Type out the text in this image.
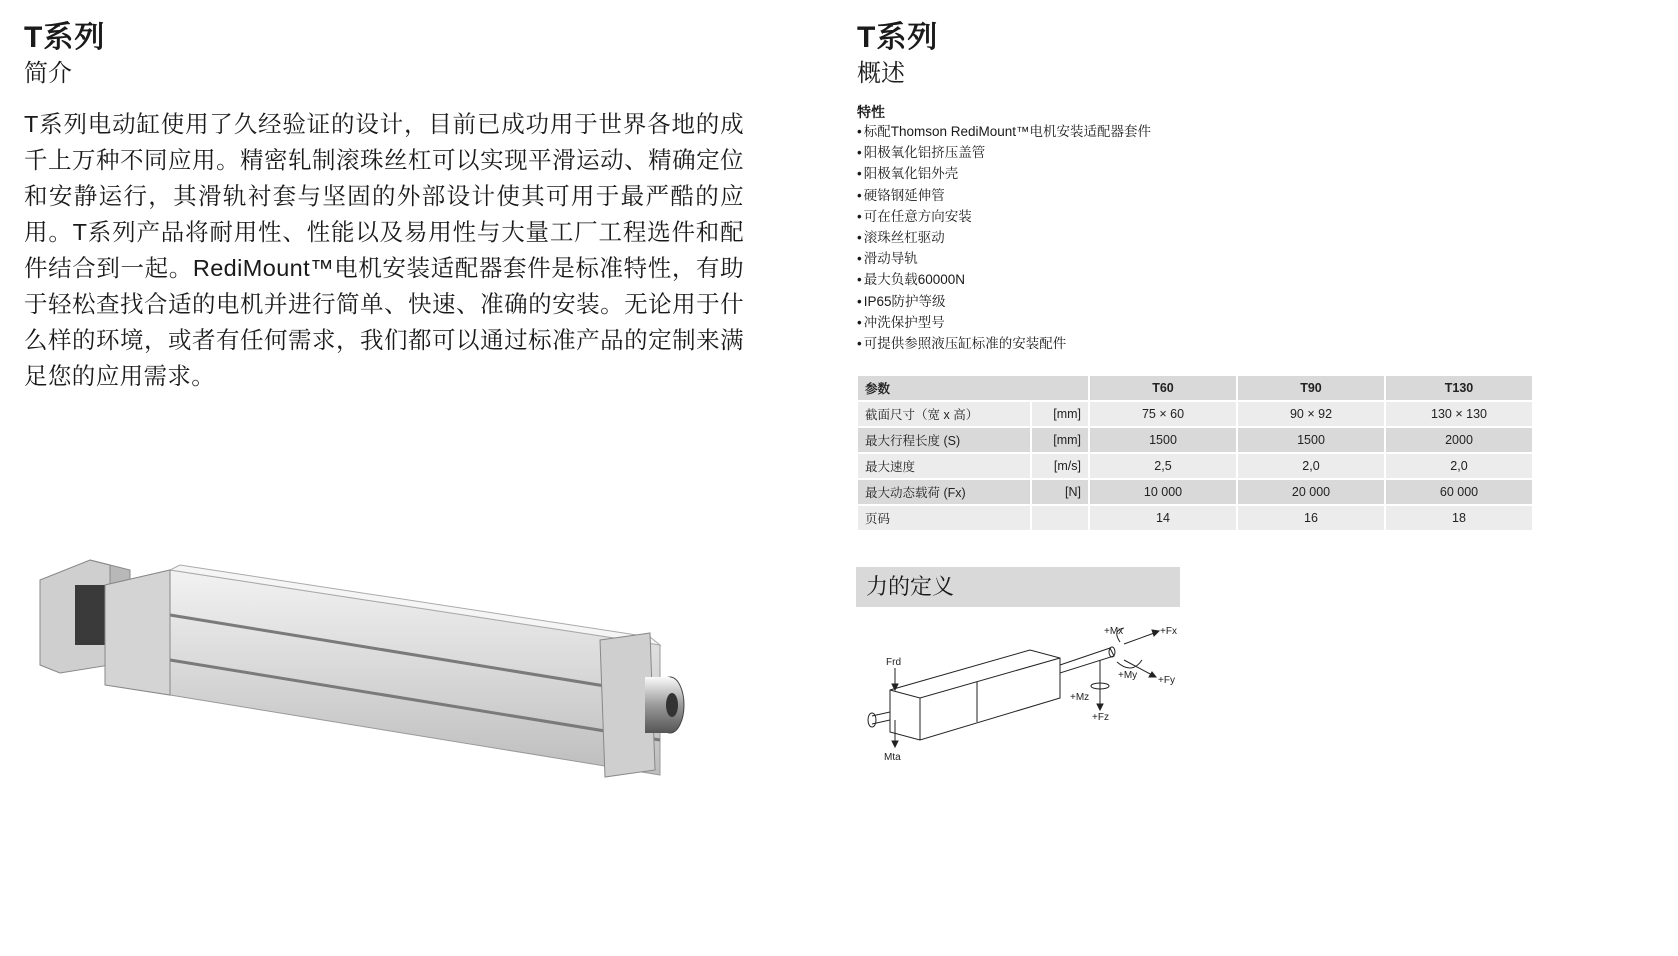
T系列
简介
T系列电动缸使用了久经验证的设计，目前已成功用于世界各地的成千上万种不同应用。精密轧制滚珠丝杠可以实现平滑运动、精确定位和安静运行，其滑轨衬套与坚固的外部设计使其可用于最严酷的应用。T系列产品将耐用性、性能以及易用性与大量工厂工程选件和配件结合到一起。RediMount™电机安装适配器套件是标准特性，有助于轻松查找合适的电机并进行简单、快速、准确的安装。无论用于什么样的环境，或者有任何需求，我们都可以通过标准产品的定制来满足您的应用需求。
T系列
概述
特性
• 标配Thomson RediMount™电机安装适配器套件
• 阳极氧化铝挤压盖管
• 阳极氧化铝外壳
• 硬铬钢延伸管
• 可在任意方向安装
• 滚珠丝杠驱动
• 滑动导轨
• 最大负载60000N
• IP65防护等级
• 冲洗保护型号
• 可提供参照液压缸标准的安装配件
参数		T60	T90	T130
截面尺寸（宽 x 高）	[mm]	75 × 60	90 × 92	130 × 130
最大行程长度 (S)	[mm]	1500	1500	2000
最大速度	[m/s]	2,5	2,0	2,0
最大动态载荷 (Fx)	[N]	10 000	20 000	60 000
页码		14	16	18
力的定义
Frd
Mta
+Mx	+Fx
+My +Fy
+Mz
+Fz
